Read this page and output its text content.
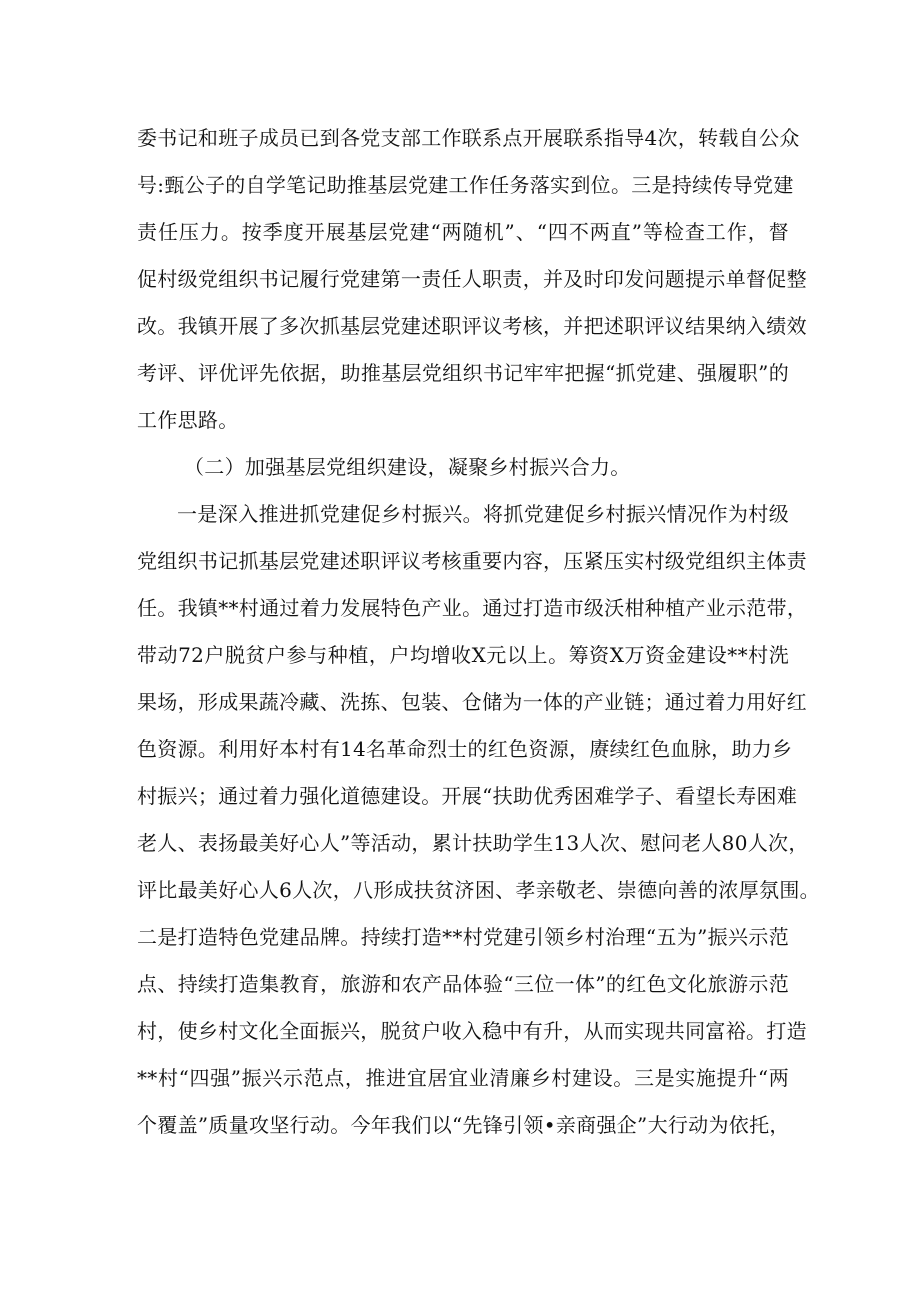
委书记和班子成员已到各党支部工作联系点开展联系指导4次，转载自公众
号:甄公子的自学笔记助推基层党建工作任务落实到位。三是持续传导党建
责任压力。按季度开展基层党建“两随机”、“四不两直”等检查工作，督
促村级党组织书记履行党建第一责任人职责，并及时印发问题提示单督促整
改。我镇开展了多次抓基层党建述职评议考核，并把述职评议结果纳入绩效
考评、评优评先依据，助推基层党组织书记牢牢把握“抓党建、强履职”的
工作思路。
（二）加强基层党组织建设，凝聚乡村振兴合力。
一是深入推进抓党建促乡村振兴。将抓党建促乡村振兴情况作为村级
党组织书记抓基层党建述职评议考核重要内容，压紧压实村级党组织主体责
任。我镇**村通过着力发展特色产业。通过打造市级沃柑种植产业示范带，
带动72户脱贫户参与种植，户均增收X元以上。筹资X万资金建设**村洗
果场，形成果蔬冷藏、洗拣、包装、仓储为一体的产业链；通过着力用好红
色资源。利用好本村有14名革命烈士的红色资源，赓续红色血脉，助力乡
村振兴；通过着力强化道德建设。开展“扶助优秀困难学子、看望长寿困难
老人、表扬最美好心人”等活动，累计扶助学生13人次、慰问老人80人次，
评比最美好心人6人次，八形成扶贫济困、孝亲敬老、崇德向善的浓厚氛围。
二是打造特色党建品牌。持续打造**村党建引领乡村治理“五为”振兴示范
点、持续打造集教育，旅游和农产品体验“三位一体”的红色文化旅游示范
村，使乡村文化全面振兴，脱贫户收入稳中有升，从而实现共同富裕。打造
**村“四强”振兴示范点，推进宜居宜业清廉乡村建设。三是实施提升“两
个覆盖”质量攻坚行动。今年我们以“先锋引领•亲商强企”大行动为依托，
